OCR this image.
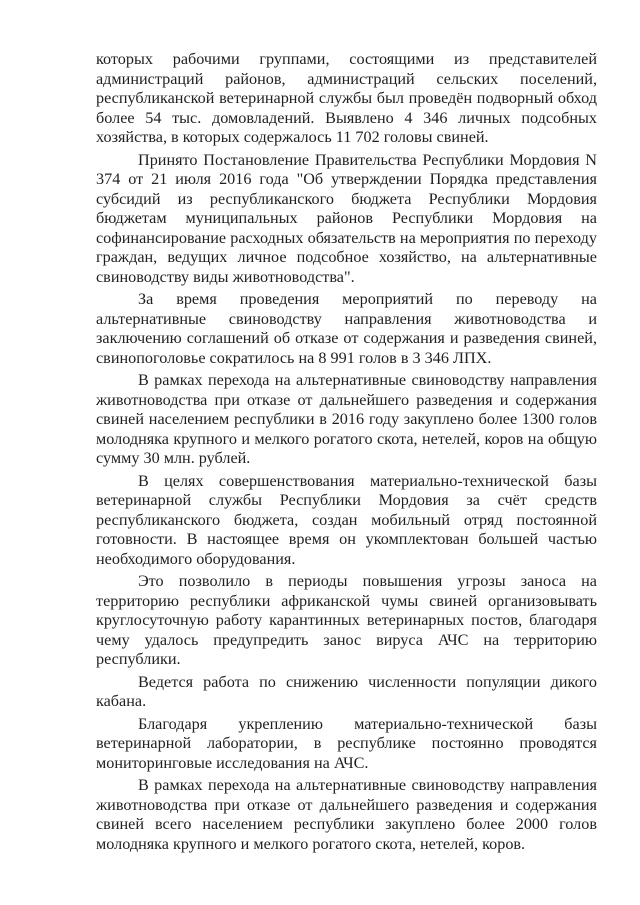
которых рабочими группами, состоящими из представителей администраций районов, администраций сельских поселений, республиканской ветеринарной службы был проведён подворный обход более 54 тыс. домовладений. Выявлено 4 346 личных подсобных хозяйства, в которых содержалось 11 702 головы свиней.

Принято Постановление Правительства Республики Мордовия N 374 от 21 июля 2016 года "Об утверждении Порядка представления субсидий из республиканского бюджета Республики Мордовия бюджетам муниципальных районов Республики Мордовия на софинансирование расходных обязательств на мероприятия по переходу граждан, ведущих личное подсобное хозяйство, на альтернативные свиноводству виды животноводства".

За время проведения мероприятий по переводу на альтернативные свиноводству направления животноводства и заключению соглашений об отказе от содержания и разведения свиней, свинопоголовье сократилось на 8 991 голов в 3 346 ЛПХ.

В рамках перехода на альтернативные свиноводству направления животноводства при отказе от дальнейшего разведения и содержания свиней населением республики в 2016 году закуплено более 1300 голов молодняка крупного и мелкого рогатого скота, нетелей, коров на общую сумму 30 млн. рублей.

В целях совершенствования материально-технической базы ветеринарной службы Республики Мордовия за счёт средств республиканского бюджета, создан мобильный отряд постоянной готовности. В настоящее время он укомплектован большей частью необходимого оборудования.

Это позволило в периоды повышения угрозы заноса на территорию республики африканской чумы свиней организовывать круглосуточную работу карантинных ветеринарных постов, благодаря чему удалось предупредить занос вируса АЧС на территорию республики.

Ведется работа по снижению численности популяции дикого кабана.

Благодаря укреплению материально-технической базы ветеринарной лаборатории, в республике постоянно проводятся мониторинговые исследования на АЧС.

В рамках перехода на альтернативные свиноводству направления животноводства при отказе от дальнейшего разведения и содержания свиней всего населением республики закуплено более 2000 голов молодняка крупного и мелкого рогатого скота, нетелей, коров.
